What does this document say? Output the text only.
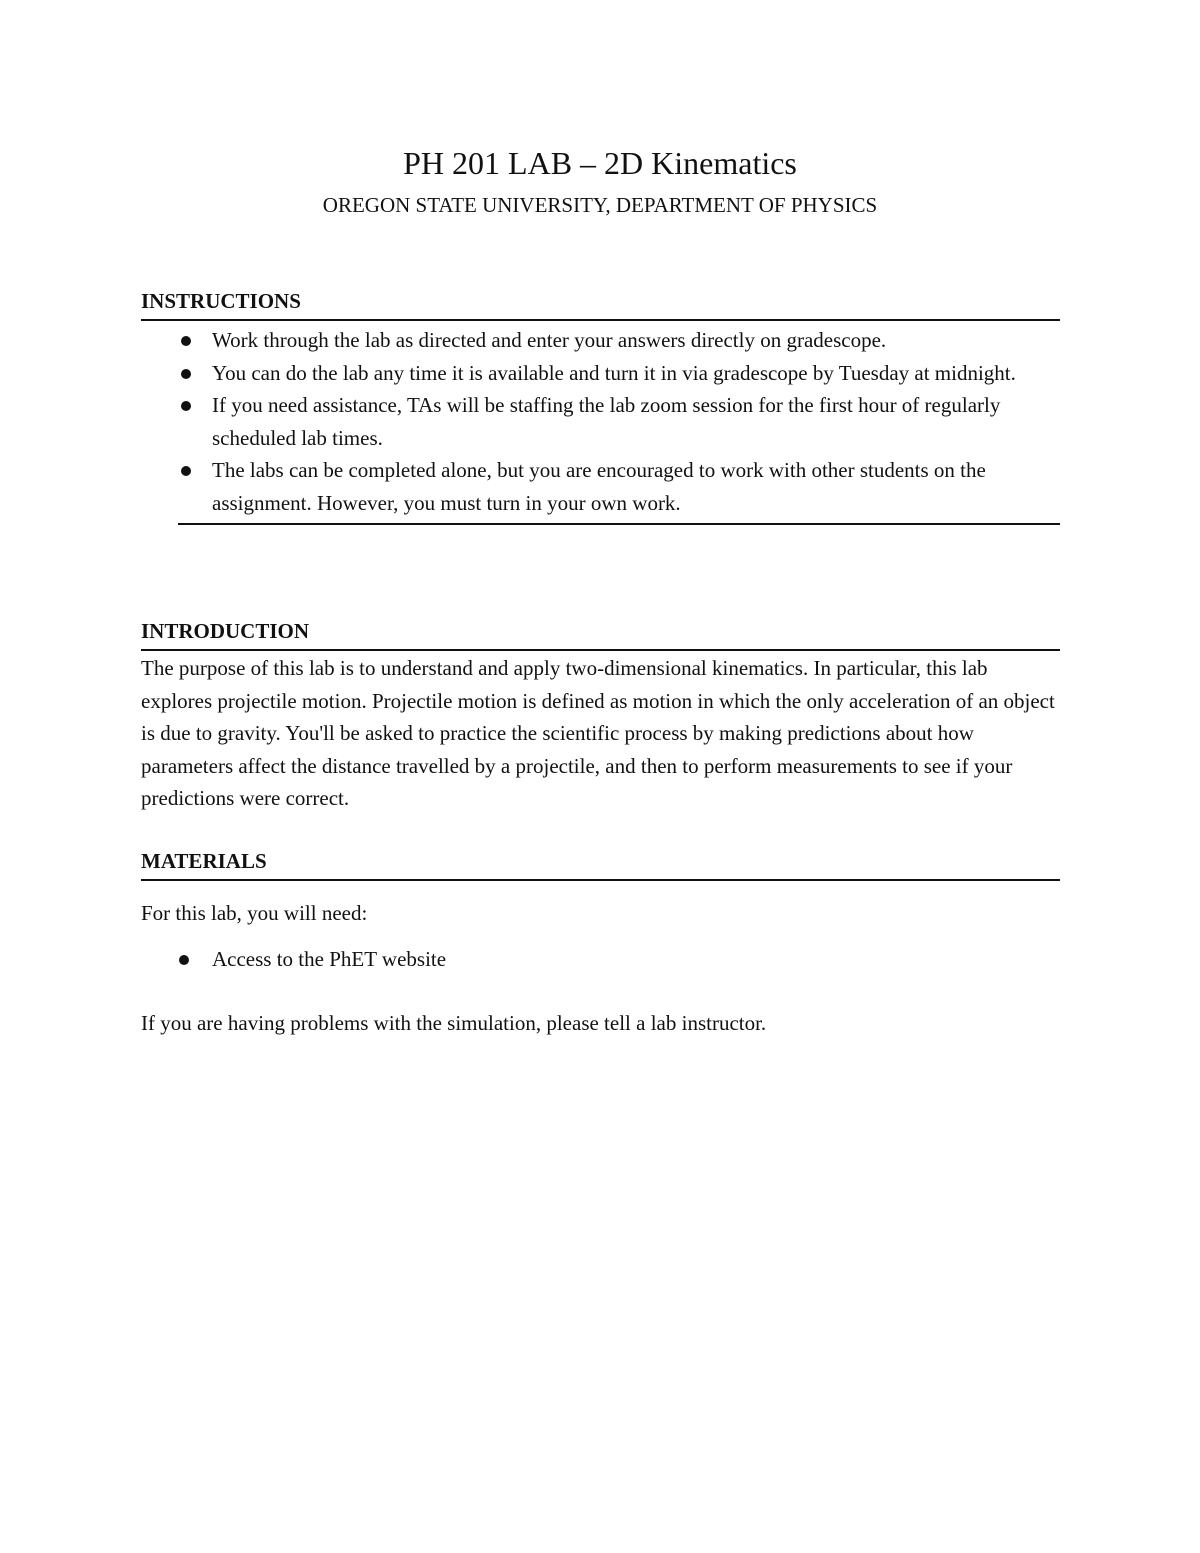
PH 201 LAB – 2D Kinematics
OREGON STATE UNIVERSITY, DEPARTMENT OF PHYSICS
INSTRUCTIONS
Work through the lab as directed and enter your answers directly on gradescope.
You can do the lab any time it is available and turn it in via gradescope by Tuesday at midnight.
If you need assistance, TAs will be staffing the lab zoom session for the first hour of regularly scheduled lab times.
The labs can be completed alone, but you are encouraged to work with other students on the assignment. However, you must turn in your own work.
INTRODUCTION

The purpose of this lab is to understand and apply two-dimensional kinematics. In particular, this lab explores projectile motion. Projectile motion is defined as motion in which the only acceleration of an object is due to gravity. You'll be asked to practice the scientific process by making predictions about how parameters affect the distance travelled by a projectile, and then to perform measurements to see if your predictions were correct.

MATERIALS

For this lab, you will need:

Access to the PhET website

If you are having problems with the simulation, please tell a lab instructor.
